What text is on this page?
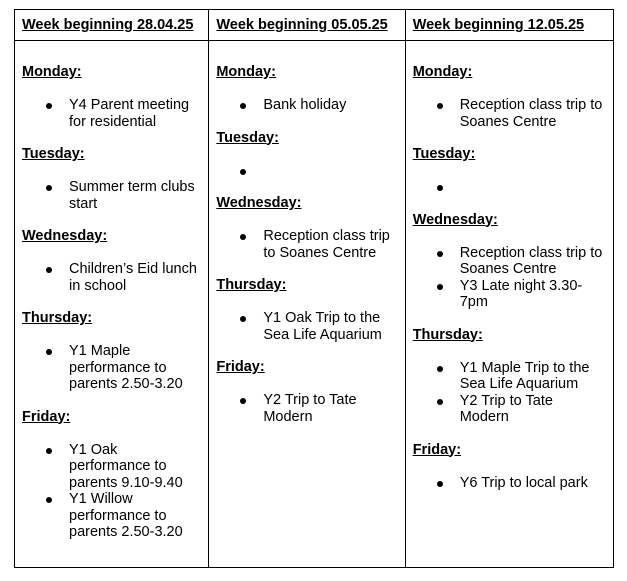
Week beginning 28.04.25
Monday:
Y4 Parent meeting for residential
Tuesday:
Summer term clubs start
Wednesday:
Children’s Eid lunch in school
Thursday:
Y1 Maple performance to parents 2.50-3.20
Friday:
Y1 Oak performance to parents 9.10-9.40
Y1 Willow performance to parents 2.50-3.20
Week beginning 05.05.25
Monday:
Bank holiday
Tuesday:
Wednesday:
Reception class trip to Soanes Centre
Thursday:
Y1 Oak Trip to the Sea Life Aquarium
Friday:
Y2 Trip to Tate Modern
Week beginning 12.05.25
Monday:
Reception class trip to Soanes Centre
Tuesday:
Wednesday:
Reception class trip to Soanes Centre
Y3 Late night 3.30-7pm
Thursday:
Y1 Maple Trip to the Sea Life Aquarium
Y2 Trip to Tate Modern
Friday:
Y6 Trip to local park
